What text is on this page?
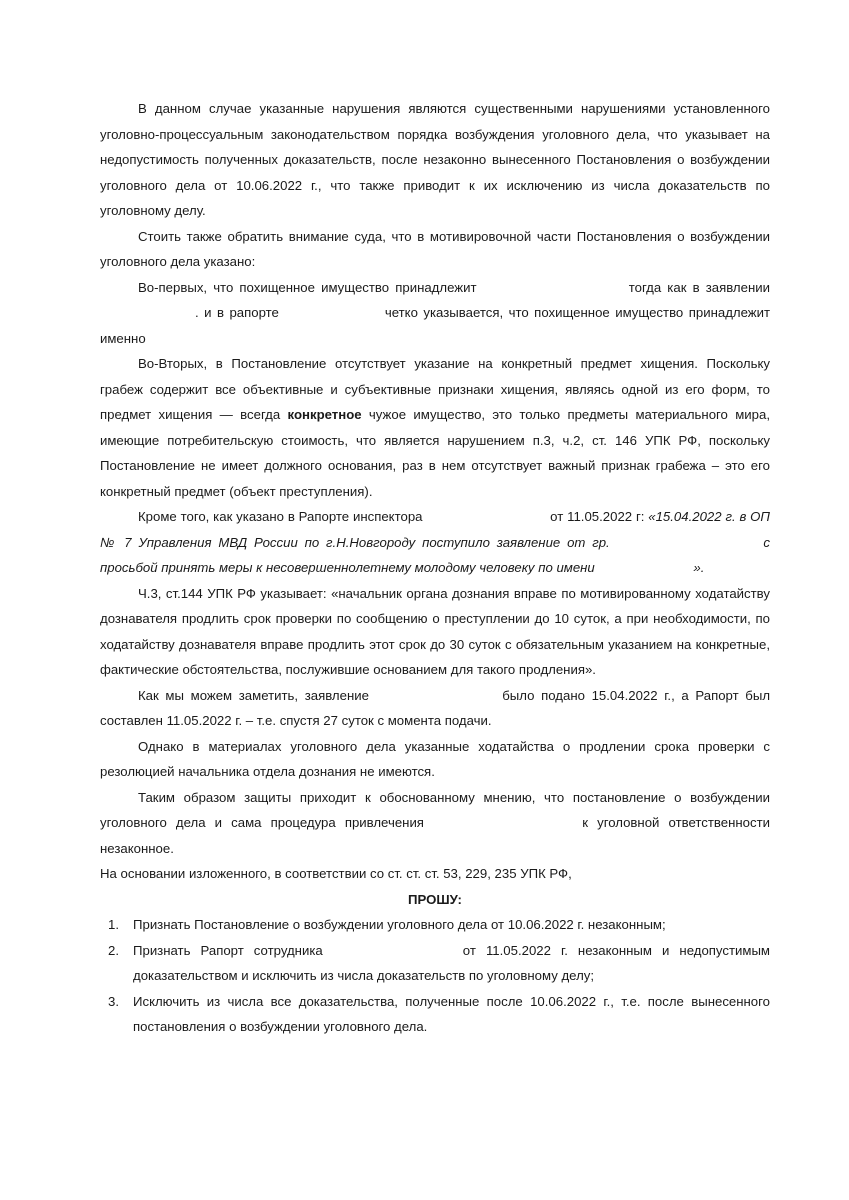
В данном случае указанные нарушения являются существенными нарушениями установленного уголовно-процессуальным законодательством порядка возбуждения уголовного дела, что указывает на недопустимость полученных доказательств, после незаконно вынесенного Постановления о возбуждении уголовного дела от 10.06.2022 г., что также приводит к их исключению из числа доказательств по уголовному делу.

Стоить также обратить внимание суда, что в мотивировочной части Постановления о возбуждении уголовного дела указано:

Во-первых, что похищенное имущество принадлежит	тогда как в заявлении  . и в рапорте	четко указывается, что похищенное имущество принадлежит именно

Во-Вторых, в Постановление отсутствует указание на конкретный предмет хищения. Поскольку грабеж содержит все объективные и субъективные признаки хищения, являясь одной из его форм, то предмет хищения — всегда конкретное чужое имущество, это только предметы материального мира, имеющие потребительскую стоимость, что является нарушением п.3, ч.2, ст. 146 УПК РФ, поскольку Постановление не имеет должного основания, раз в нем отсутствует важный признак грабежа – это его конкретный предмет (объект преступления).

Кроме того, как указано в Рапорте инспектора	от 11.05.2022 г: «15.04.2022 г. в ОП № 7 Управления МВД России по г.Н.Новгороду поступило заявление от гр.	с просьбой принять меры к несовершеннолетнему молодому человеку по имени	».

Ч.3, ст.144 УПК РФ указывает: «начальник органа дознания вправе по мотивированному ходатайству дознавателя продлить срок проверки по сообщению о преступлении до 10 суток, а при необходимости, по ходатайству дознавателя вправе продлить этот срок до 30 суток с обязательным указанием на конкретные, фактические обстоятельства, послужившие основанием для такого продления».

Как мы можем заметить, заявление	было подано 15.04.2022 г., а Рапорт был составлен 11.05.2022 г. – т.е. спустя 27 суток с момента подачи.

Однако в материалах уголовного дела указанные ходатайства о продлении срока проверки с резолюцией начальника отдела дознания не имеются.

Таким образом защиты приходит к обоснованному мнению, что постановление о возбуждении уголовного дела и сама процедура привлечения	к уголовной ответственности незаконное.

На основании изложенного, в соответствии со ст. ст. ст. 53, 229, 235 УПК РФ,

ПРОШУ:

Признать Постановление о возбуждении уголовного дела от 10.06.2022 г. незаконным;
Признать Рапорт сотрудника	от 11.05.2022 г. незаконным и недопустимым доказательством и исключить из числа доказательств по уголовному делу;
Исключить из числа все доказательства, полученные после 10.06.2022 г., т.е. после вынесенного постановления о возбуждении уголовного дела.
